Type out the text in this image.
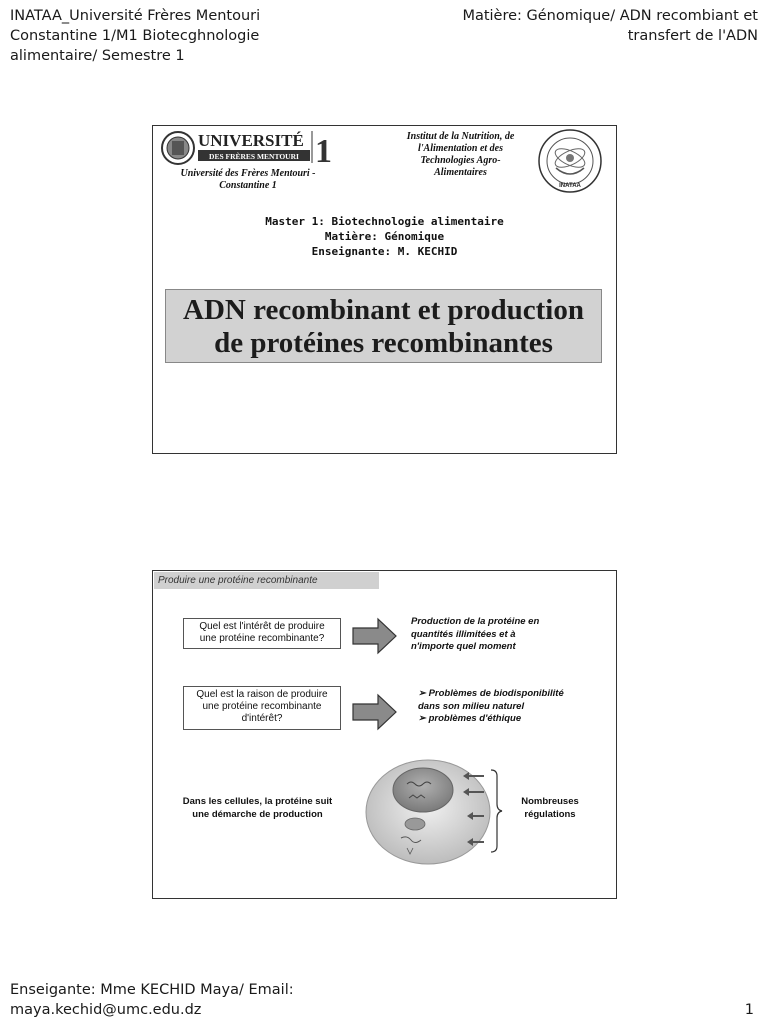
INATAA_Université Frères Mentouri
Constantine 1/M1 Biotecghnologie
alimentaire/ Semestre 1
Matière: Génomique/ ADN recombiant et
transfert de l'ADN
UNIVERSITÉ
DES FRÈRES MENTOURI 1
Université des Frères Mentouri -
Constantine 1
Institut de la Nutrition, de
l'Alimentation et des
Technologies Agro-
Alimentaires
INATAA
Master 1: Biotechnologie alimentaire
Matière: Génomique
Enseignante: M. KECHID
ADN recombinant et production
de protéines recombinantes
Produire une protéine recombinante
Quel est l'intérêt de produire
une protéine recombinante?
Production de la protéine en
quantités illimitées et à
n'importe quel moment
Quel est la raison de produire
une protéine recombinante
d'intérêt?
➢ Problèmes de biodisponibilité
dans son milieu naturel
➢ problèmes d'éthique
Dans les cellules, la protéine suit
une démarche de production
Nombreuses
régulations
Enseigante: Mme KECHID Maya/ Email:
maya.kechid@umc.edu.dz	1
